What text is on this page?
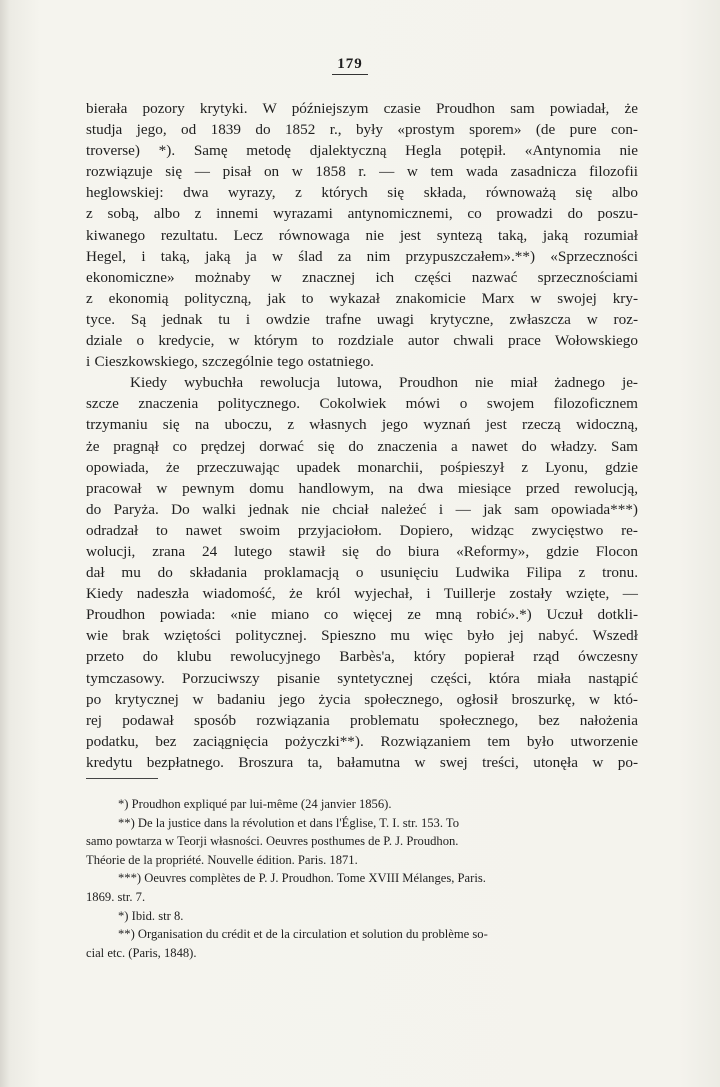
179

bierała pozory krytyki. W późniejszym czasie Proudhon sam powiadał, że

studja jego, od 1839 do 1852 r., były «prostym sporem» (de pure con-

troverse) *). Samę metodę djalektyczną Hegla potępił. «Antynomia nie

rozwiązuje się — pisał on w 1858 r. — w tem wada zasadnicza filozofii

heglowskiej: dwa wyrazy, z których się składa, równoważą się albo

z sobą, albo z innemi wyrazami antynomicznemi, co prowadzi do poszu-

kiwanego rezultatu. Lecz równowaga nie jest syntezą taką, jaką rozumiał

Hegel, i taką, jaką ja w ślad za nim przypuszczałem».**) «Sprzeczności

ekonomiczne» możnaby w znacznej ich części nazwać sprzecznościami

z ekonomią polityczną, jak to wykazał znakomicie Marx w swojej kry-

tyce. Są jednak tu i owdzie trafne uwagi krytyczne, zwłaszcza w roz-

dziale o kredycie, w którym to rozdziale autor chwali prace Wołowskiego

i Cieszkowskiego, szczególnie tego ostatniego.

Kiedy wybuchła rewolucja lutowa, Proudhon nie miał żadnego je-

szcze znaczenia politycznego. Cokolwiek mówi o swojem filozoficznem

trzymaniu się na uboczu, z własnych jego wyznań jest rzeczą widoczną,

że pragnął co prędzej dorwać się do znaczenia a nawet do władzy. Sam

opowiada, że przeczuwając upadek monarchii, pośpieszył z Lyonu, gdzie

pracował w pewnym domu handlowym, na dwa miesiące przed rewolucją,

do Paryża. Do walki jednak nie chciał należeć i — jak sam opowiada***)

odradzał to nawet swoim przyjaciołom. Dopiero, widząc zwycięstwo re-

wolucji, zrana 24 lutego stawił się do biura «Reformy», gdzie Flocon

dał mu do składania proklamacją o usunięciu Ludwika Filipa z tronu.

Kiedy nadeszła wiadomość, że król wyjechał, i Tuillerje zostały wzięte, —

Proudhon powiada: «nie miano co więcej ze mną robić».*) Uczuł dotkli-

wie brak wziętości politycznej. Spieszno mu więc było jej nabyć. Wszedł

przeto do klubu rewolucyjnego Barbès'a, który popierał rząd ówczesny

tymczasowy. Porzuciwszy pisanie syntetycznej części, która miała nastąpić

po krytycznej w badaniu jego życia społecznego, ogłosił broszurkę, w któ-

rej podawał sposób rozwiązania problematu społecznego, bez nałożenia

podatku, bez zaciągnięcia pożyczki**). Rozwiązaniem tem było utworzenie

kredytu bezpłatnego. Broszura ta, bałamutna w swej treści, utonęła w po-

*) Proudhon expliqué par lui-même (24 janvier 1856).

**) De la justice dans la révolution et dans l'Église, T. I. str. 153. To

samo powtarza w Teorji własności. Oeuvres posthumes de P. J. Proudhon.

Théorie de la propriété. Nouvelle édition. Paris. 1871.

***) Oeuvres complètes de P. J. Proudhon. Tome XVIII Mélanges, Paris.

1869. str. 7.

*) Ibid. str 8.

**) Organisation du crédit et de la circulation et solution du problème so-

cial etc. (Paris, 1848).
